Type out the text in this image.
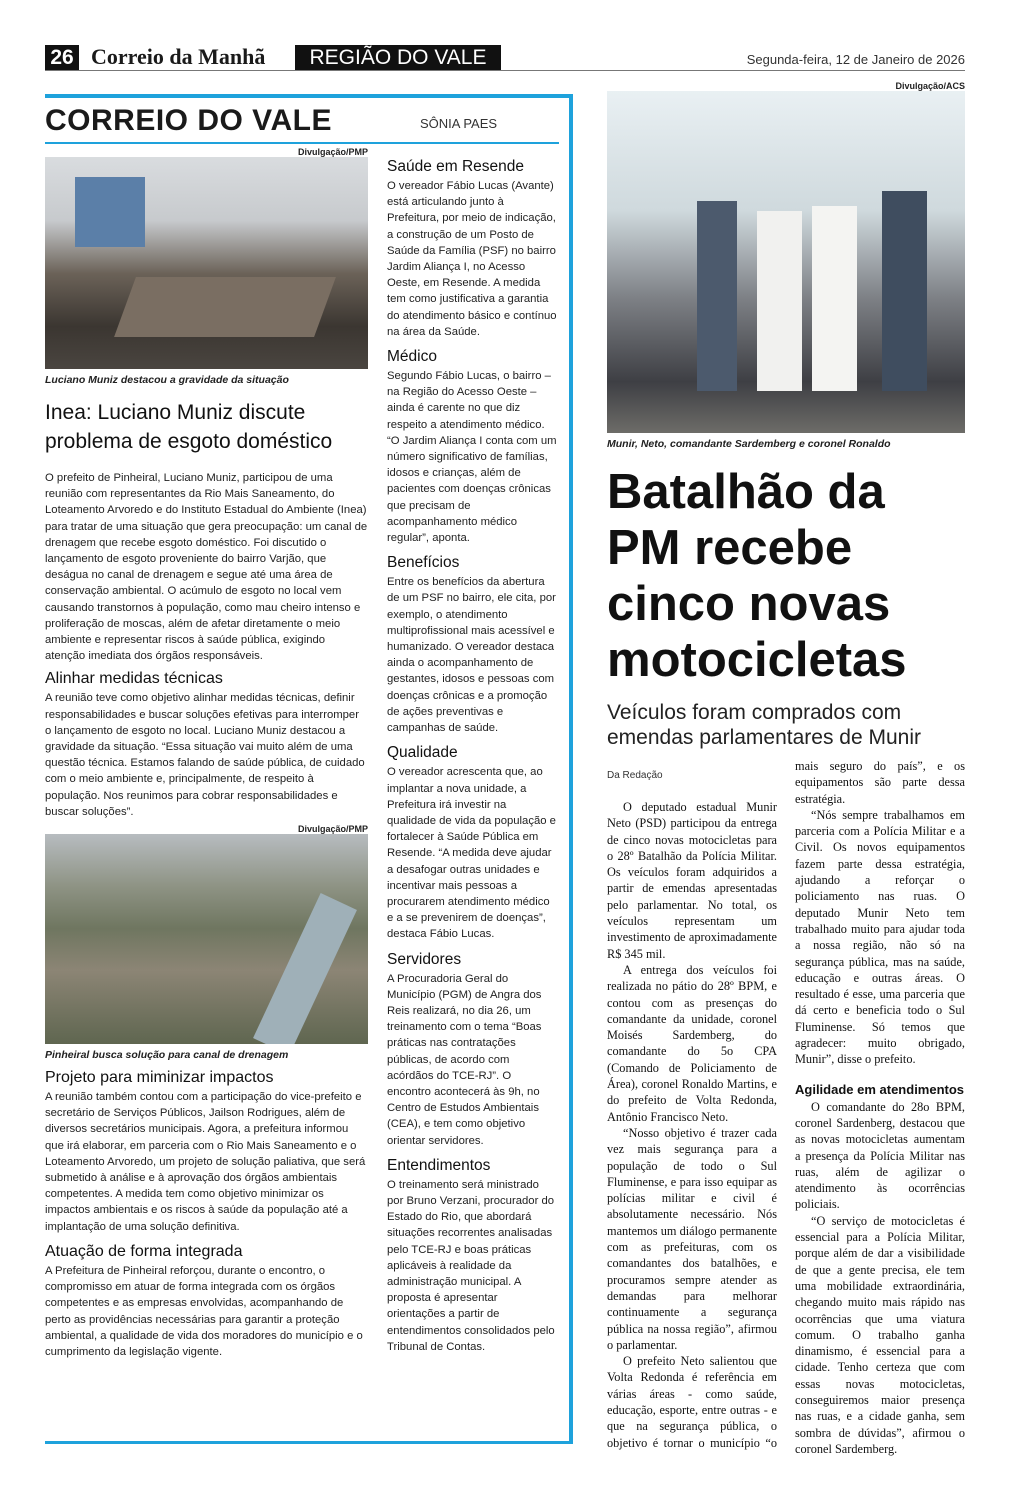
26 Correio da Manhã	REGIÃO DO VALE	Segunda-feira, 12 de Janeiro de 2026
CORREIO DO VALE	SÔNIA PAES
Divulgação/PMP
Luciano Muniz destacou a gravidade da situação
Inea: Luciano Muniz discute problema de esgoto doméstico

O prefeito de Pinheiral, Luciano Muniz, participou de uma reunião com representantes da Rio Mais Saneamento, do Loteamento Arvoredo e do Instituto Estadual do Ambiente (Inea) para tratar de uma situação que gera preocupação: um canal de drenagem que recebe esgoto doméstico. Foi discutido o lançamento de esgoto proveniente do bairro Varjão, que deságua no canal de drenagem e segue até uma área de conservação ambiental. O acúmulo de esgoto no local vem causando transtornos à população, como mau cheiro intenso e proliferação de moscas, além de afetar diretamente o meio ambiente e representar riscos à saúde pública, exigindo atenção imediata dos órgãos responsáveis.

Alinhar medidas técnicas

A reunião teve como objetivo alinhar medidas técnicas, definir responsabilidades e buscar soluções efetivas para interromper o lançamento de esgoto no local. Luciano Muniz destacou a gravidade da situação. “Essa situação vai muito além de uma questão técnica. Estamos falando de saúde pública, de cuidado com o meio ambiente e, principalmente, de respeito à população. Nos reunimos para cobrar responsabilidades e buscar soluções”.

Divulgação/PMP
Pinheiral busca solução para canal de drenagem
Projeto para miminizar impactos

A reunião também contou com a participação do vice-prefeito e secretário de Serviços Públicos, Jailson Rodrigues, além de diversos secretários municipais. Agora, a prefeitura informou que irá elaborar, em parceria com o Rio Mais Saneamento e o Loteamento Arvoredo, um projeto de solução paliativa, que será submetido à análise e à aprovação dos órgãos ambientais competentes. A medida tem como objetivo minimizar os impactos ambientais e os riscos à saúde da população até a implantação de uma solução definitiva.

Atuação de forma integrada

A Prefeitura de Pinheiral reforçou, durante o encontro, o compromisso em atuar de forma integrada com os órgãos competentes e as empresas envolvidas, acompanhando de perto as providências necessárias para garantir a proteção ambiental, a qualidade de vida dos moradores do município e o cumprimento da legislação vigente.

Saúde em Resende

O vereador Fábio Lucas (Avante) está articulando junto à Prefeitura, por meio de indicação, a construção de um Posto de Saúde da Família (PSF) no bairro Jardim Aliança I, no Acesso Oeste, em Resende. A medida tem como justificativa a garantia do atendimento básico e contínuo na área da Saúde.

Médico

Segundo Fábio Lucas, o bairro – na Região do Acesso Oeste – ainda é carente no que diz respeito a atendimento médico. “O Jardim Aliança I conta com um número significativo de famílias, idosos e crianças, além de pacientes com doenças crônicas que precisam de acompanhamento médico regular”, aponta.

Benefícios

Entre os benefícios da abertura de um PSF no bairro, ele cita, por exemplo, o atendimento multiprofissional mais acessível e humanizado. O vereador destaca ainda o acompanhamento de gestantes, idosos e pessoas com doenças crônicas e a promoção de ações preventivas e campanhas de saúde.

Qualidade

O vereador acrescenta que, ao implantar a nova unidade, a Prefeitura irá investir na qualidade de vida da população e fortalecer à Saúde Pública em Resende. “A medida deve ajudar a desafogar outras unidades e incentivar mais pessoas a procurarem atendimento médico e a se prevenirem de doenças”, destaca Fábio Lucas.

Servidores

A Procuradoria Geral do Município (PGM) de Angra dos Reis realizará, no dia 26, um treinamento com o tema “Boas práticas nas contratações públicas, de acordo com acórdãos do TCE-RJ”. O encontro acontecerá às 9h, no Centro de Estudos Ambientais (CEA), e tem como objetivo orientar servidores.

Entendimentos

O treinamento será ministrado por Bruno Verzani, procurador do Estado do Rio, que abordará situações recorrentes analisadas pelo TCE-RJ e boas práticas aplicáveis à realidade da administração municipal. A proposta é apresentar orientações a partir de entendimentos consolidados pelo Tribunal de Contas.

Divulgação/ACS
Munir, Neto, comandante Sardemberg e coronel Ronaldo
Batalhão da PM recebe cinco novas motocicletas
Veículos foram comprados com emendas parlamentares de Munir
Da Redação

O deputado estadual Munir Neto (PSD) participou da entrega de cinco novas motocicletas para o 28º Batalhão da Polícia Militar. Os veículos foram adquiridos a partir de emendas apresentadas pelo parlamentar. No total, os veículos representam um investimento de aproximadamente R$ 345 mil.

A entrega dos veículos foi realizada no pátio do 28º BPM, e contou com as presenças do comandante da unidade, coronel Moisés Sardemberg, do comandante do 5o CPA (Comando de Policiamento de Área), coronel Ronaldo Martins, e do prefeito de Volta Redonda, Antônio Francisco Neto.

“Nosso objetivo é trazer cada vez mais segurança para a população de todo o Sul Fluminense, e para isso equipar as polícias militar e civil é absolutamente necessário. Nós mantemos um diálogo permanente com as prefeituras, com os comandantes dos batalhões, e procuramos sempre atender as demandas para melhorar continuamente a segurança pública na nossa região”, afirmou o parlamentar.

O prefeito Neto salientou que Volta Redonda é referência em várias áreas - como saúde, educação, esporte, entre outras - e que na segurança pública, o objetivo é tornar o município “o mais seguro do país”, e os equipamentos são parte dessa estratégia.

“Nós sempre trabalhamos em parceria com a Polícia Militar e a Civil. Os novos equipamentos fazem parte dessa estratégia, ajudando a reforçar o policiamento nas ruas. O deputado Munir Neto tem trabalhado muito para ajudar toda a nossa região, não só na segurança pública, mas na saúde, educação e outras áreas. O resultado é esse, uma parceria que dá certo e beneficia todo o Sul Fluminense. Só temos que agradecer: muito obrigado, Munir”, disse o prefeito.

Agilidade em atendimentos

O comandante do 28o BPM, coronel Sardenberg, destacou que as novas motocicletas aumentam a presença da Polícia Militar nas ruas, além de agilizar o atendimento às ocorrências policiais.

“O serviço de motocicletas é essencial para a Polícia Militar, porque além de dar a visibilidade de que a gente precisa, ele tem uma mobilidade extraordinária, chegando muito mais rápido nas ocorrências que uma viatura comum. O trabalho ganha dinamismo, é essencial para a cidade. Tenho certeza que com essas novas motocicletas, conseguiremos maior presença nas ruas, e a cidade ganha, sem sombra de dúvidas”, afirmou o coronel Sardemberg.
